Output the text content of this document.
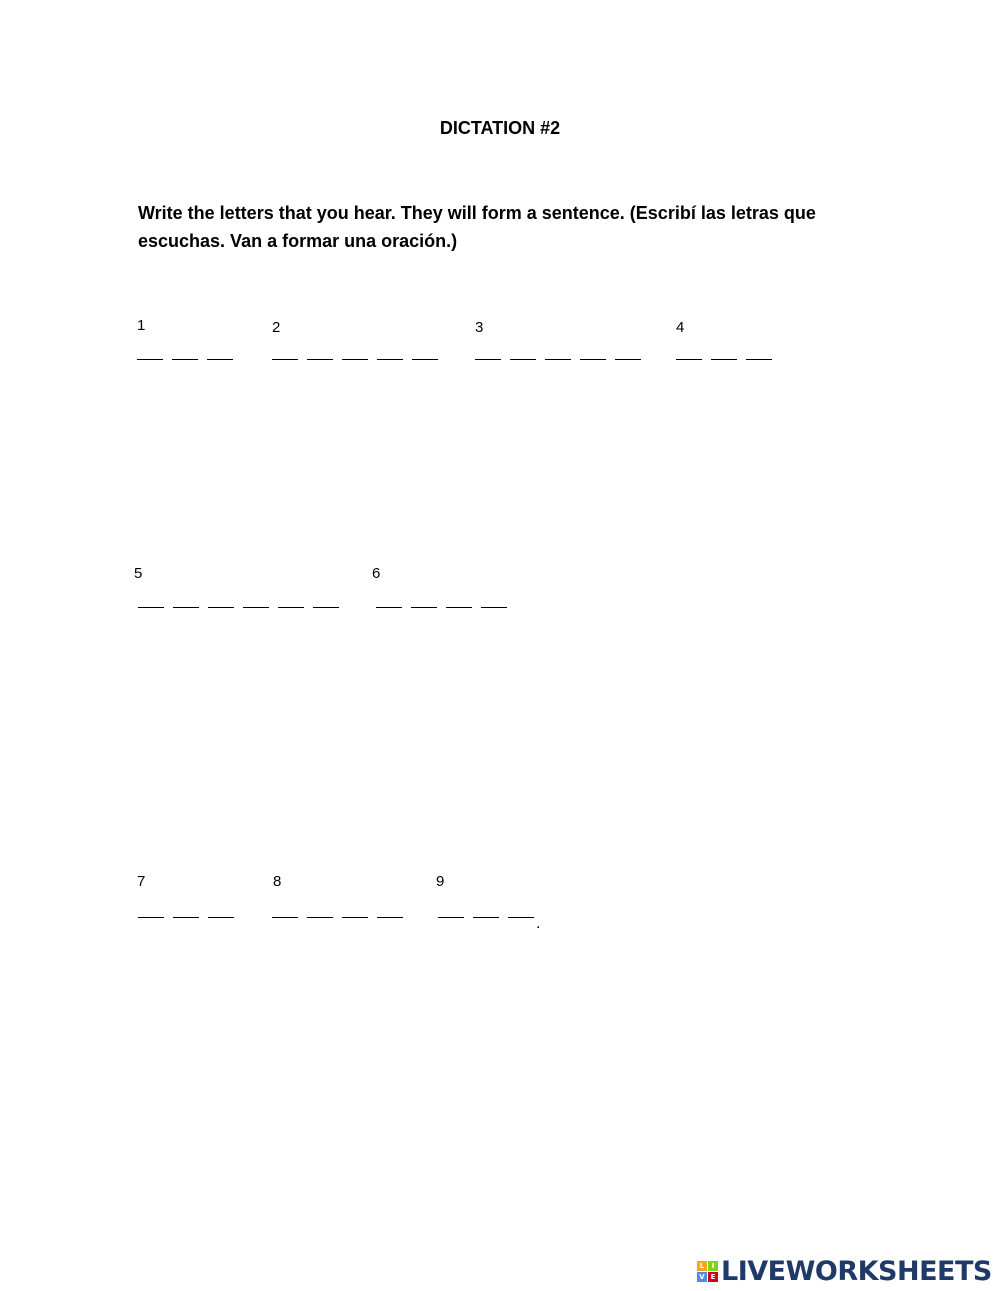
DICTATION #2
Write the letters that you hear. They will form a sentence. (Escribí las letras que escuchas. Van a formar una oración.)
1	2	3	4
5	6
7	8	9
.
L	I
V E LIVEWORKSHEETS
